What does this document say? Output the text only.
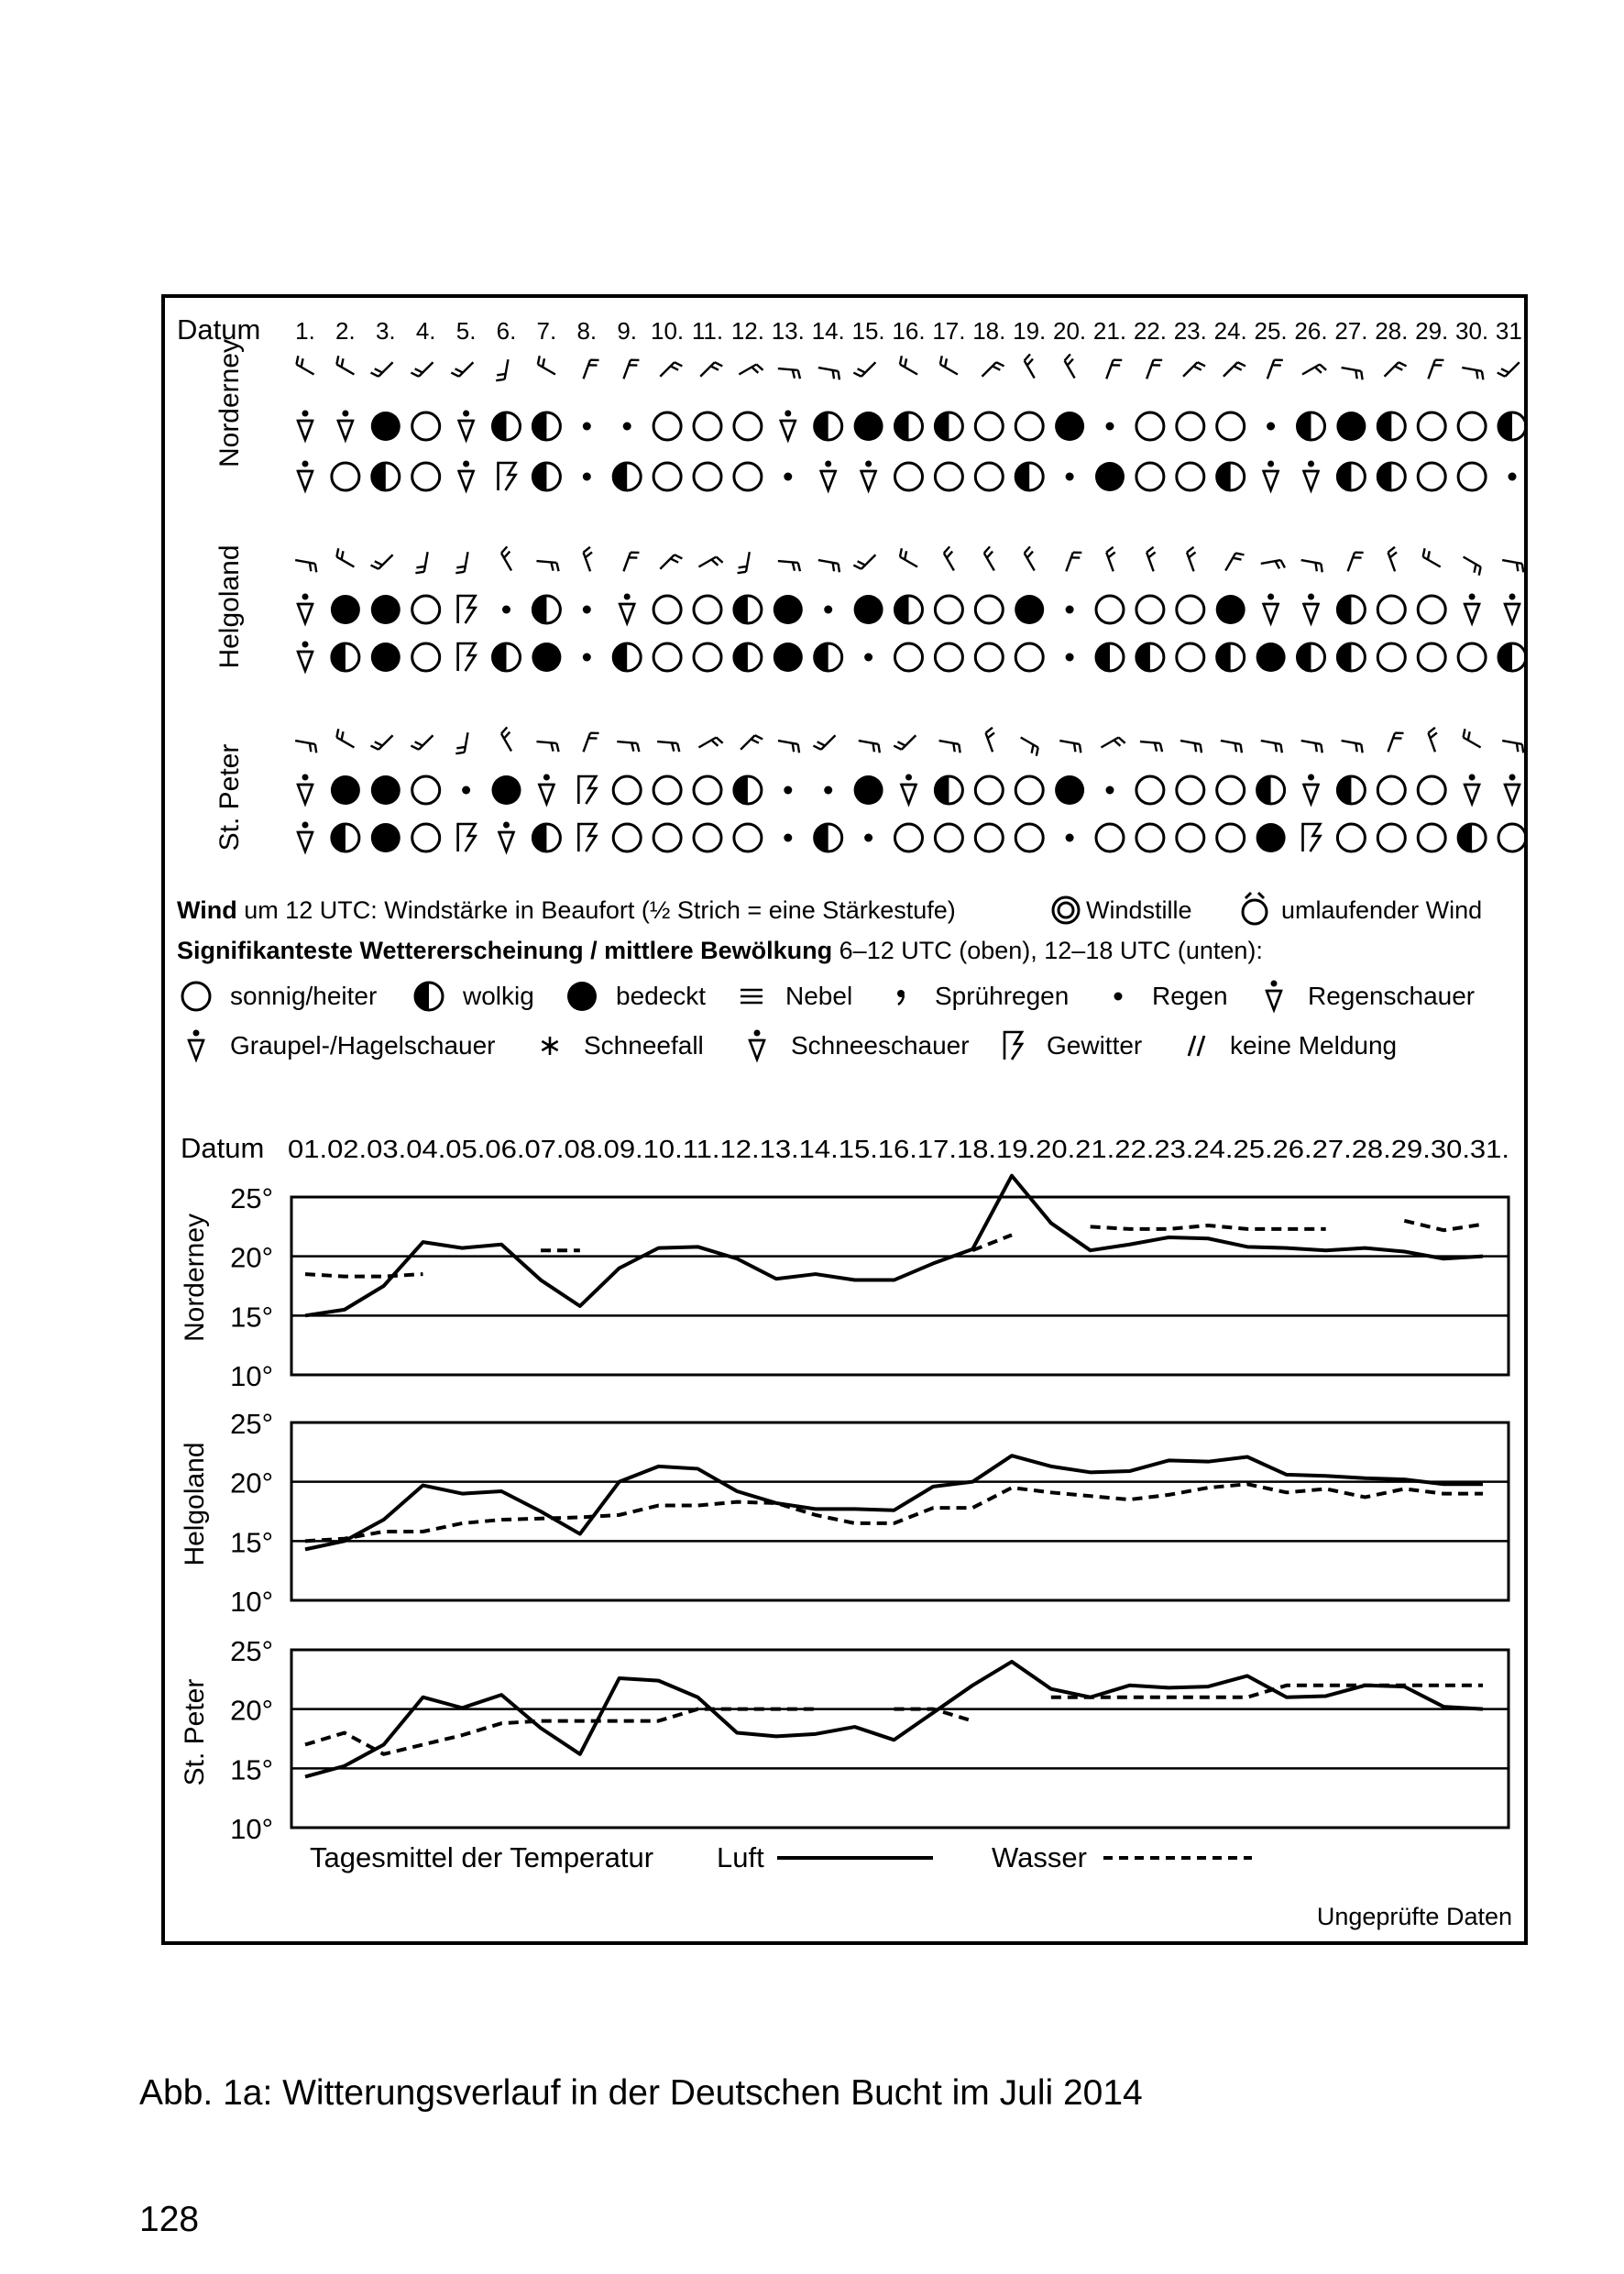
Datum 1. 2. 3. 4. 5. 6. 7. 8. 9. 10. 11. 12. 13. 14. 15. 16. 17. 18. 19. 20. 21. 22. 23. 24. 25. 26. 27. 28. 29. 30. 31.
Norderney
Helgoland
St. Peter
Wind um 12 UTC: Windstärke in Beaufort (½ Strich = eine Stärkestufe)	Windstille	umlaufender Wind
Signifikanteste Wettererscheinung / mittlere Bewölkung 6–12 UTC (oben), 12–18 UTC (unten):
sonnig/heiter	wolkig	bedeckt	Nebel	Sprühregen	Regen	Regenschauer
Graupel-/Hagelschauer	Schneefall	Schneeschauer	Gewitter	keine Meldung
Datum 01.02.03.04.05.06.07.08.09.10.11.12.13.14.15.16.17.18.19.20.21.22.23.24.25.26.27.28.29.30.31.
Norderney
Helgoland
St. Peter
10°
15°
20°
25°
10°
15°
20°
25°
10°
15°
20°
25°
Tagesmittel der Temperatur Luft	Wasser
Ungeprüfte Daten
Abb. 1a: Witterungsverlauf in der Deutschen Bucht im Juli 2014
128
